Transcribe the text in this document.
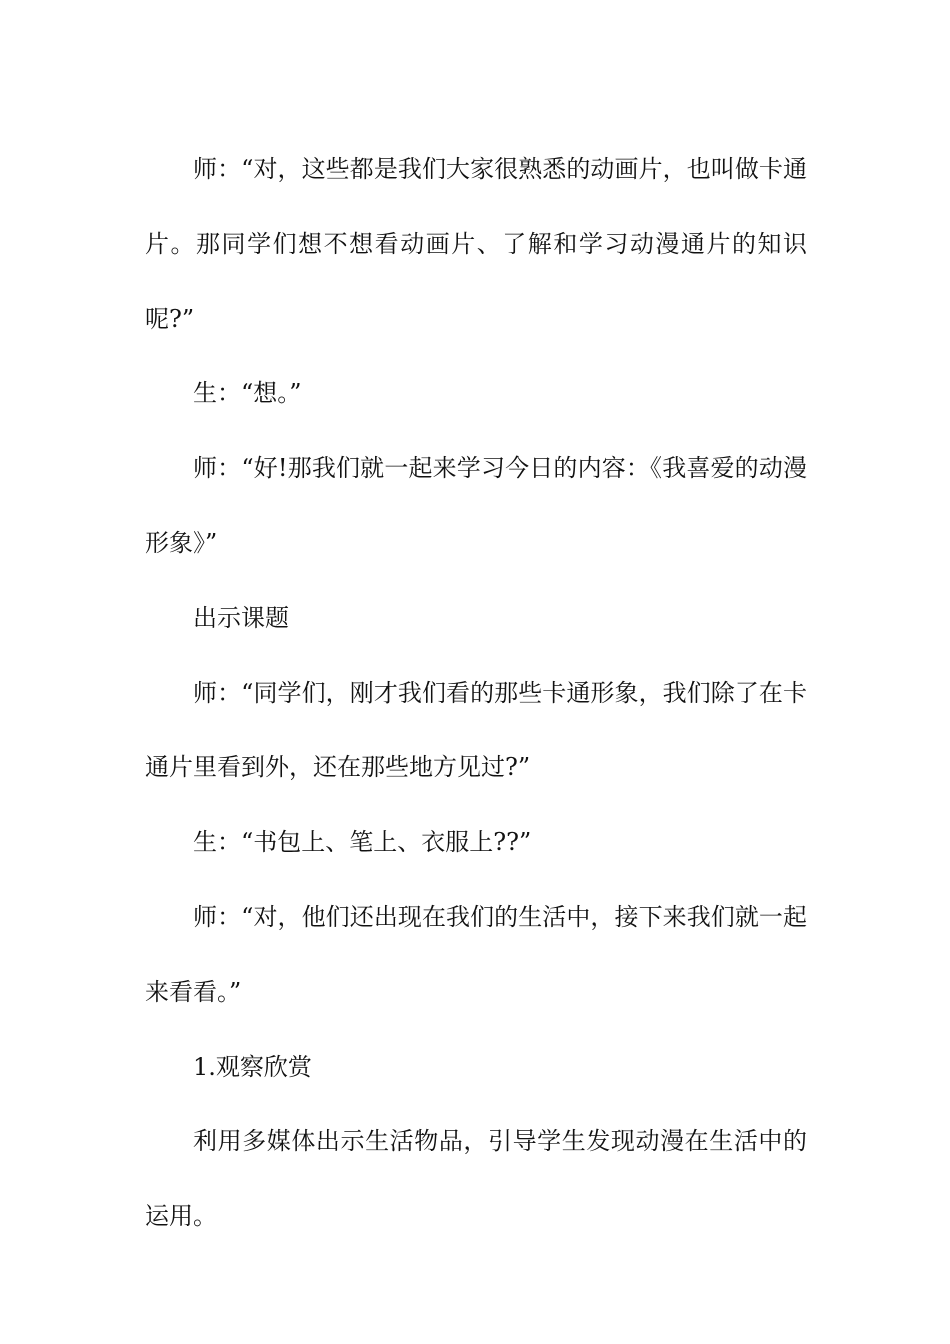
师：“对，这些都是我们大家很熟悉的动画片，也叫做卡通片。那同学们想不想看动画片、了解和学习动漫通片的知识呢?”

生：“想。”

师：“好!那我们就一起来学习今日的内容：《我喜爱的动漫形象》”

出示课题

师：“同学们，刚才我们看的那些卡通形象，我们除了在卡通片里看到外，还在那些地方见过?”

生：“书包上、笔上、衣服上??”

师：“对，他们还出现在我们的生活中，接下来我们就一起来看看。”

1.观察欣赏

利用多媒体出示生活物品，引导学生发现动漫在生活中的运用。
